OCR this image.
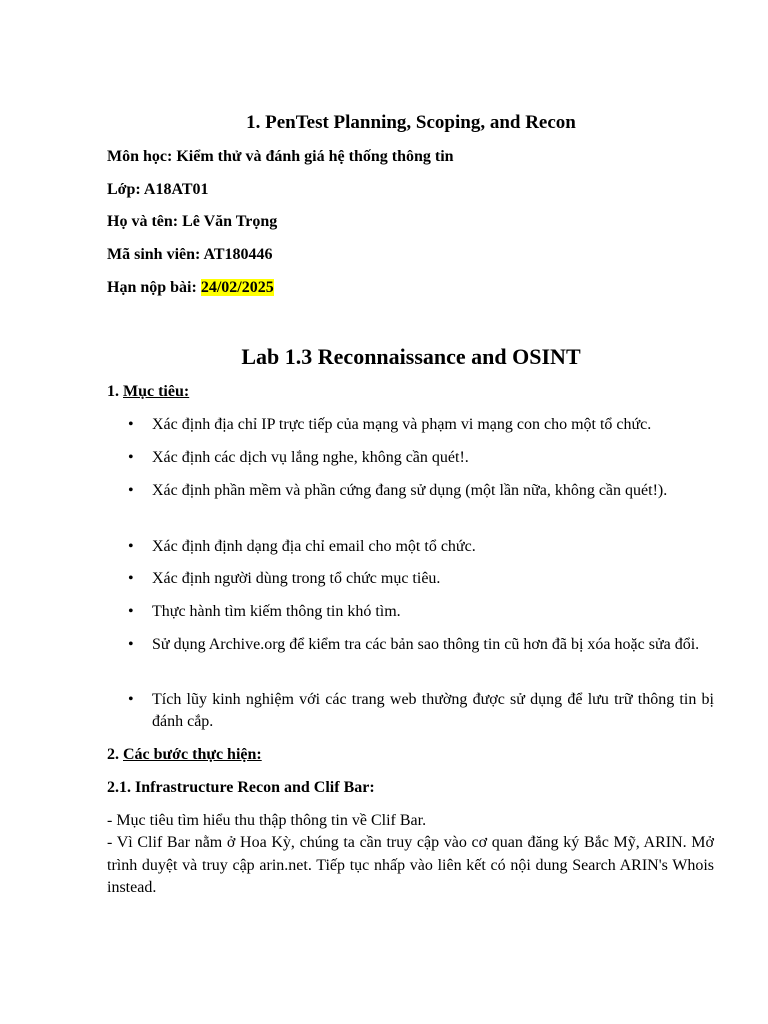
1. PenTest Planning, Scoping, and Recon
Môn học: Kiểm thử và đánh giá hệ thống thông tin
Lớp: A18AT01
Họ và tên: Lê Văn Trọng
Mã sinh viên: AT180446
Hạn nộp bài: 24/02/2025
Lab 1.3 Reconnaissance and OSINT
1. Mục tiêu:
• Xác định địa chỉ IP trực tiếp của mạng và phạm vi mạng con cho một tổ chức.
• Xác định các dịch vụ lắng nghe, không cần quét!.
• Xác định phần mềm và phần cứng đang sử dụng (một lần nữa, không cần quét!).
• Xác định định dạng địa chỉ email cho một tổ chức.
• Xác định người dùng trong tổ chức mục tiêu.
• Thực hành tìm kiếm thông tin khó tìm.
• Sử dụng Archive.org để kiểm tra các bản sao thông tin cũ hơn đã bị xóa hoặc sửa đổi.
• Tích lũy kinh nghiệm với các trang web thường được sử dụng để lưu trữ thông tin bị đánh cắp.
2. Các bước thực hiện:
2.1. Infrastructure Recon and Clif Bar:
- Mục tiêu tìm hiểu thu thập thông tin về Clif Bar.
- Vì Clif Bar nằm ở Hoa Kỳ, chúng ta cần truy cập vào cơ quan đăng ký Bắc Mỹ, ARIN. Mở trình duyệt và truy cập arin.net. Tiếp tục nhấp vào liên kết có nội dung Search ARIN's Whois instead.
